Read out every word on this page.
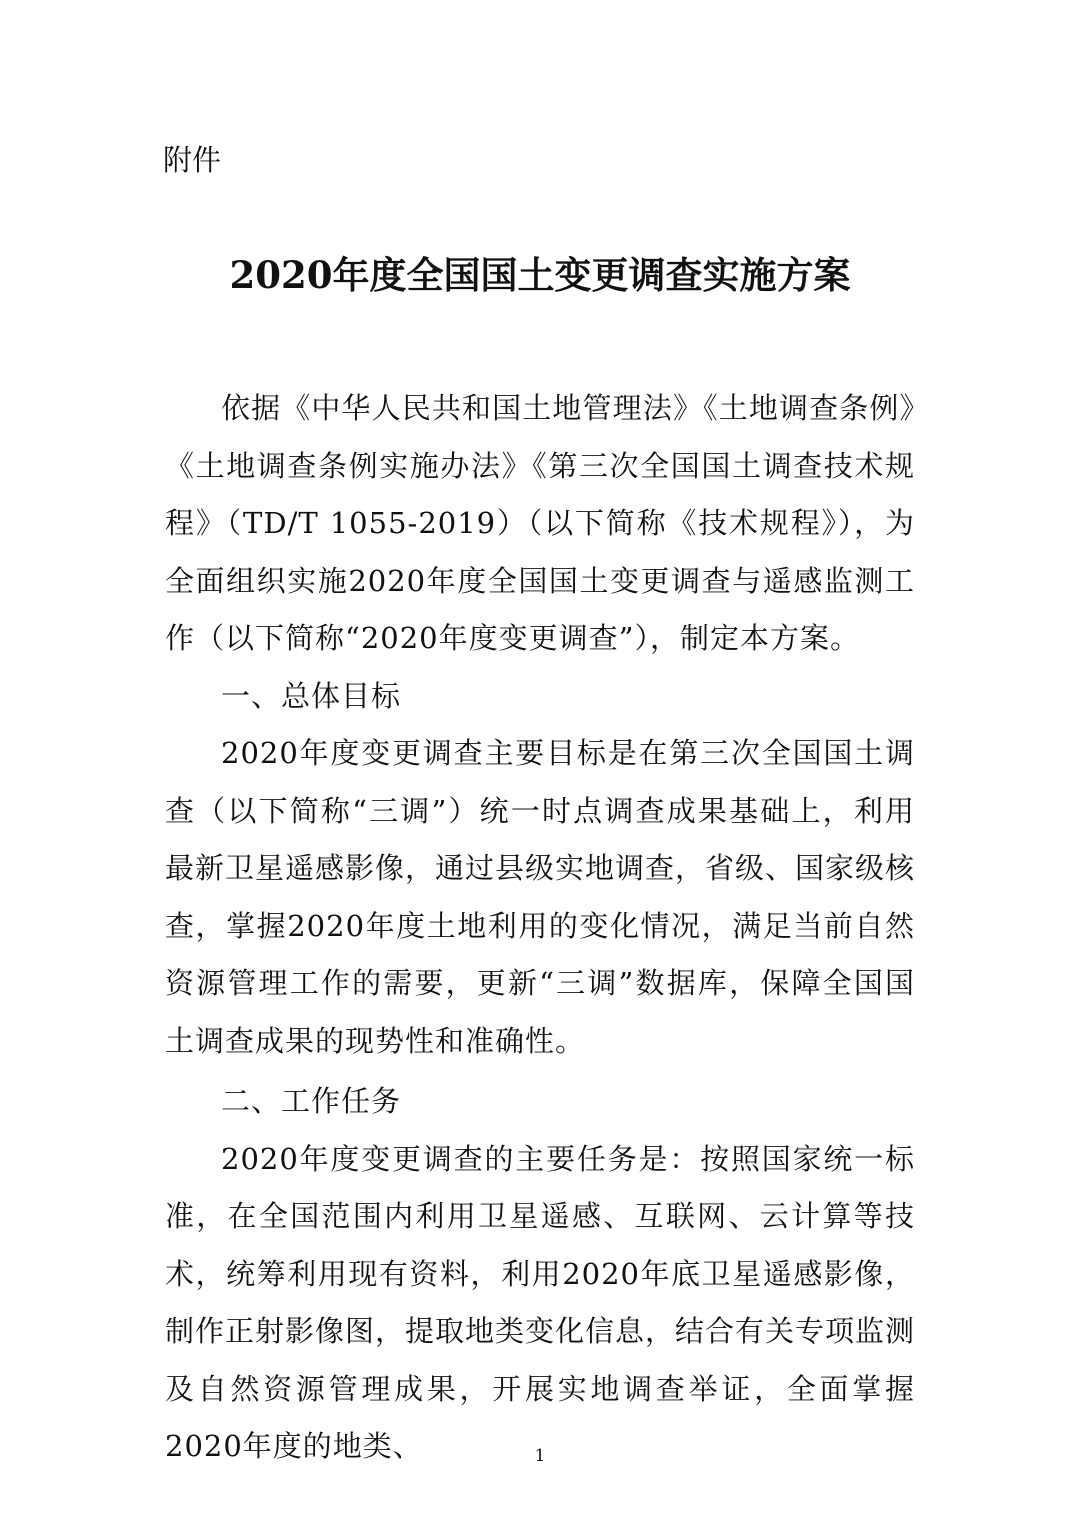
附件
2020年度全国国土变更调查实施方案

依据《中华人民共和国土地管理法》《土地调查条例》《土地调查条例实施办法》《第三次全国国土调查技术规程》（TD/T 1055-2019）（以下简称《技术规程》），为全面组织实施2020年度全国国土变更调查与遥感监测工作（以下简称“2020年度变更调查”），制定本方案。

一、总体目标

2020年度变更调查主要目标是在第三次全国国土调查（以下简称“三调”）统一时点调查成果基础上，利用最新卫星遥感影像，通过县级实地调查，省级、国家级核查，掌握2020年度土地利用的变化情况，满足当前自然资源管理工作的需要，更新“三调”数据库，保障全国国土调查成果的现势性和准确性。

二、工作任务

2020年度变更调查的主要任务是：按照国家统一标准，在全国范围内利用卫星遥感、互联网、云计算等技术，统筹利用现有资料，利用2020年底卫星遥感影像，制作正射影像图，提取地类变化信息，结合有关专项监测及自然资源管理成果，开展实地调查举证，全面掌握2020年度的地类、	1
